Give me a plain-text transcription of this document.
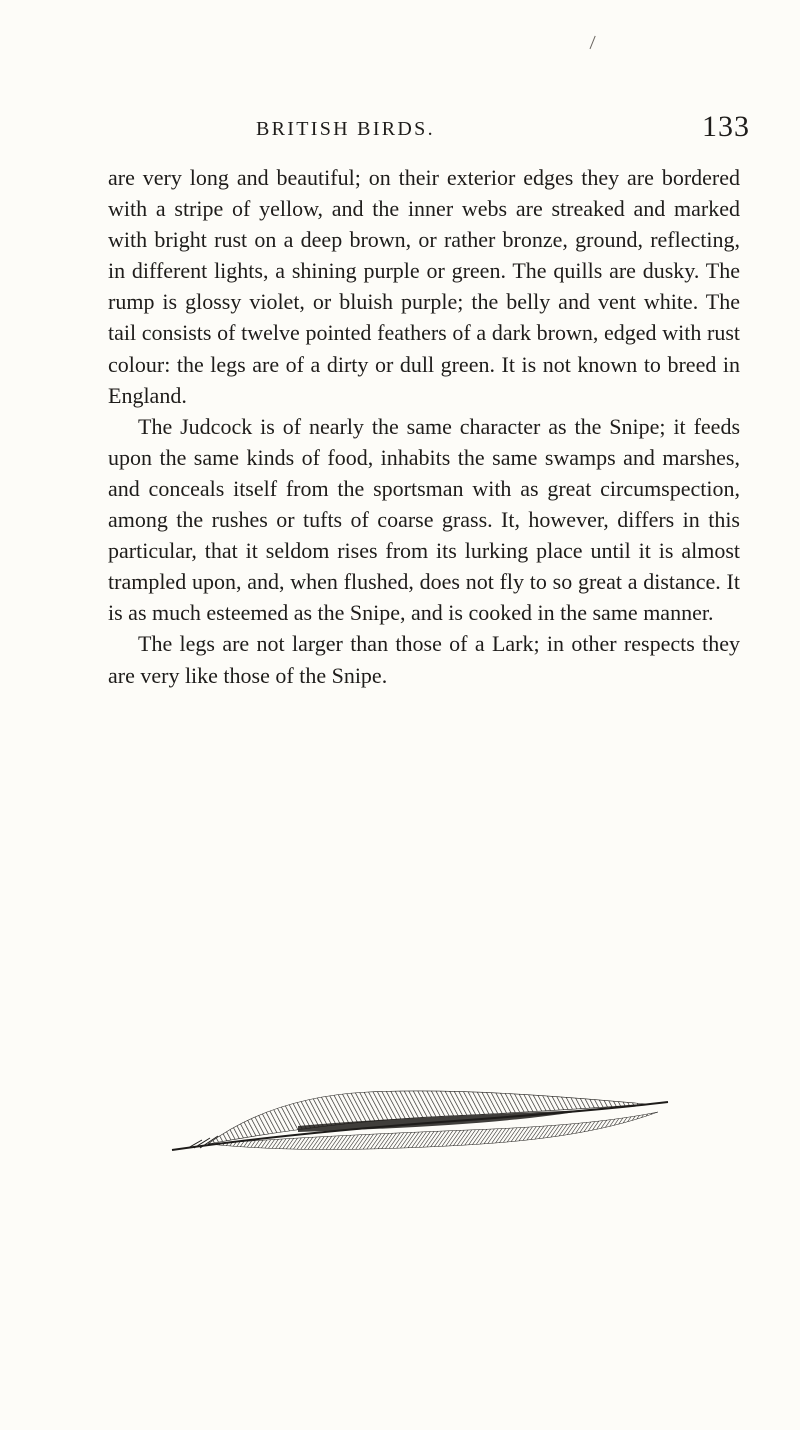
BRITISH BIRDS.	133

are very long and beautiful; on their exterior edges they are bordered with a stripe of yellow, and the inner webs are streaked and marked with bright rust on a deep brown, or rather bronze, ground, reflecting, in different lights, a shining purple or green. The quills are dusky. The rump is glossy violet, or bluish purple; the belly and vent white. The tail consists of twelve pointed feathers of a dark brown, edged with rust colour: the legs are of a dirty or dull green. It is not known to breed in England.

The Judcock is of nearly the same character as the Snipe; it feeds upon the same kinds of food, inhabits the same swamps and marshes, and conceals itself from the sportsman with as great circumspection, among the rushes or tufts of coarse grass. It, however, differs in this particular, that it seldom rises from its lurking place until it is almost trampled upon, and, when flushed, does not fly to so great a distance. It is as much esteemed as the Snipe, and is cooked in the same manner.

The legs are not larger than those of a Lark; in other respects they are very like those of the Snipe.
